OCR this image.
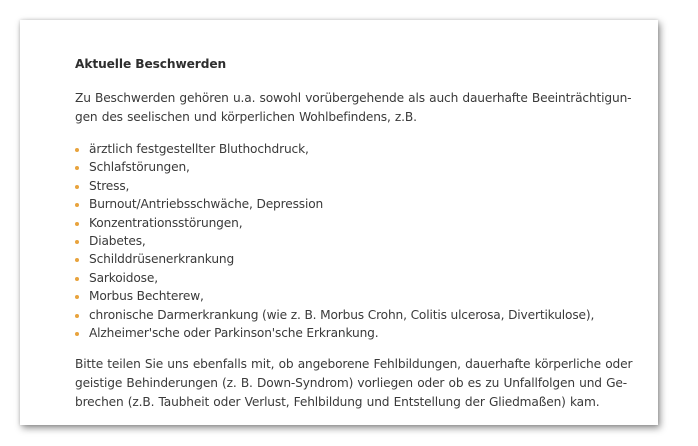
Aktuelle Beschwerden

Zu Beschwerden gehören u.a. sowohl vorübergehende als auch dauerhafte Beeinträchtigun-
gen des seelischen und körperlichen Wohlbefindens, z.B.

ärztlich festgestellter Bluthochdruck,
Schlafstörungen,
Stress,
Burnout/Antriebsschwäche, Depression
Konzentrationsstörungen,
Diabetes,
Schilddrüsenerkrankung
Sarkoidose,
Morbus Bechterew,
chronische Darmerkrankung (wie z. B. Morbus Crohn, Colitis ulcerosa, Divertikulose),
Alzheimer'sche oder Parkinson'sche Erkrankung.

Bitte teilen Sie uns ebenfalls mit, ob angeborene Fehlbildungen, dauerhafte körperliche oder
geistige Behinderungen (z. B. Down-Syndrom) vorliegen oder ob es zu Unfallfolgen und Ge-
brechen (z.B. Taubheit oder Verlust, Fehlbildung und Entstellung der Gliedmaßen) kam.
